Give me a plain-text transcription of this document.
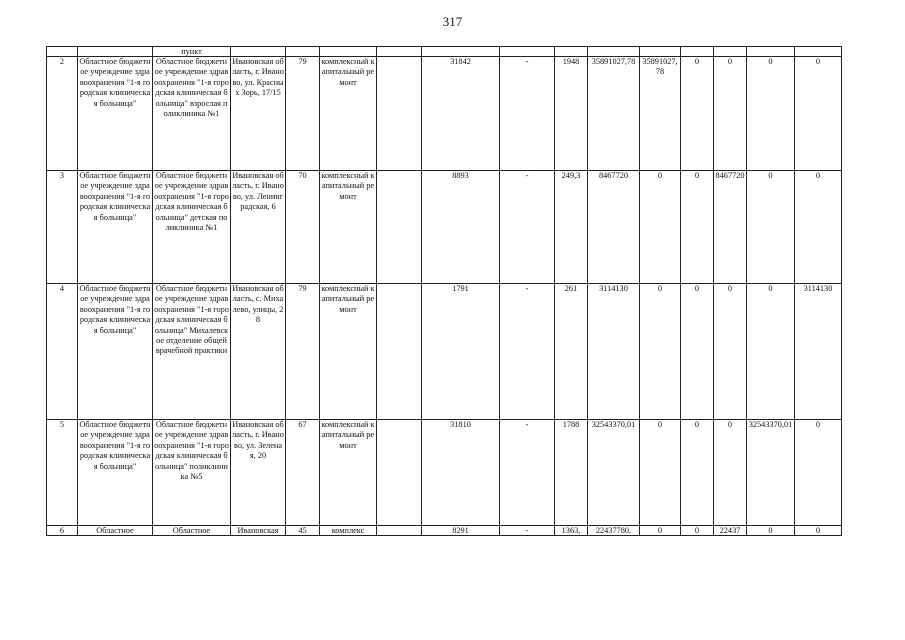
317
		пункт													
2	Областное бюджетное учреждение здравоохранения "1-я городская клиническая больница"	Областное бюджетное учреждение здравоохранения "1-я городская клиническая больница" взрослая поликлиника №1	Ивановская область, г. Иваново, ул. Красных Зорь, 17/15	79	комплексный капитальный ремонт		31842	-	1948	35891027,78	35891027,78	0	0	0	0
3	Областное бюджетное учреждение здравоохранения "1-я городская клиническая больница"	Областное бюджетное учреждение здравоохранения "1-я городская клиническая больница" детская поликлиника №1	Ивановская область, г. Иваново, ул. Ленинградская, 6	70	комплексный капитальный ремонт		8893	-	249,3	8467720	0	0	8467720	0	0
4	Областное бюджетное учреждение здравоохранения "1-я городская клиническая больница"	Областное бюджетное учреждение здравоохранения "1-я городская клиническая больница" Михалевское отделение общей врачебной практики	Ивановская область, с. Михалево, улицы, 28	79	комплексный капитальный ремонт		1791	-	261	3114130	0	0	0	0	3114130
5	Областное бюджетное учреждение здравоохранения "1-я городская клиническая больница"	Областное бюджетное учреждение здравоохранения "1-я городская клиническая больница" поликлиника №5	Ивановская область, г. Иваново, ул. Зеленая, 20	67	комплексный капитальный ремонт		31810	-	1788	32543370,01	0	0	0	32543370,01	0
6	Областное	Областное	Ивановская	45	комплекс		8291	-	1363,	22437780,	0	0	22437	0	0
